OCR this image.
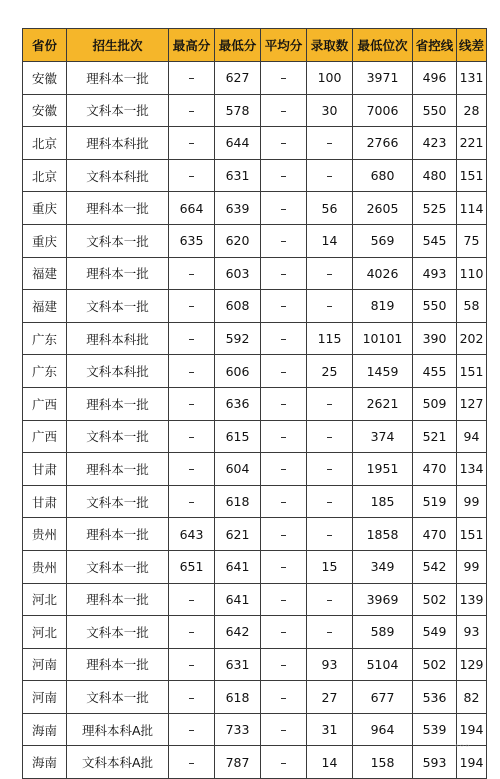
省份	招生批次	最高分	最低分	平均分	录取数	最低位次	省控线	线差
安徽	理科本一批	–	627	–	100	3971	496	131
安徽	文科本一批	–	578	–	30	7006	550	28
北京	理科本科批	–	644	–	–	2766	423	221
北京	文科本科批	–	631	–	–	680	480	151
重庆	理科本一批	664	639	–	56	2605	525	114
重庆	文科本一批	635	620	–	14	569	545	75
福建	理科本一批	–	603	–	–	4026	493	110
福建	文科本一批	–	608	–	–	819	550	58
广东	理科本科批	–	592	–	115	10101	390	202
广东	文科本科批	–	606	–	25	1459	455	151
广西	理科本一批	–	636	–	–	2621	509	127
广西	文科本一批	–	615	–	–	374	521	94
甘肃	理科本一批	–	604	–	–	1951	470	134
甘肃	文科本一批	–	618	–	–	185	519	99
贵州	理科本一批	643	621	–	–	1858	470	151
贵州	文科本一批	651	641	–	15	349	542	99
河北	理科本一批	–	641	–	–	3969	502	139
河北	文科本一批	–	642	–	–	589	549	93
河南	理科本一批	–	631	–	93	5104	502	129
河南	文科本一批	–	618	–	27	677	536	82
海南	理科本科A批	–	733	–	31	964	539	194
海南	文科本科A批	–	787	–	14	158	593	194
◦◦◦
